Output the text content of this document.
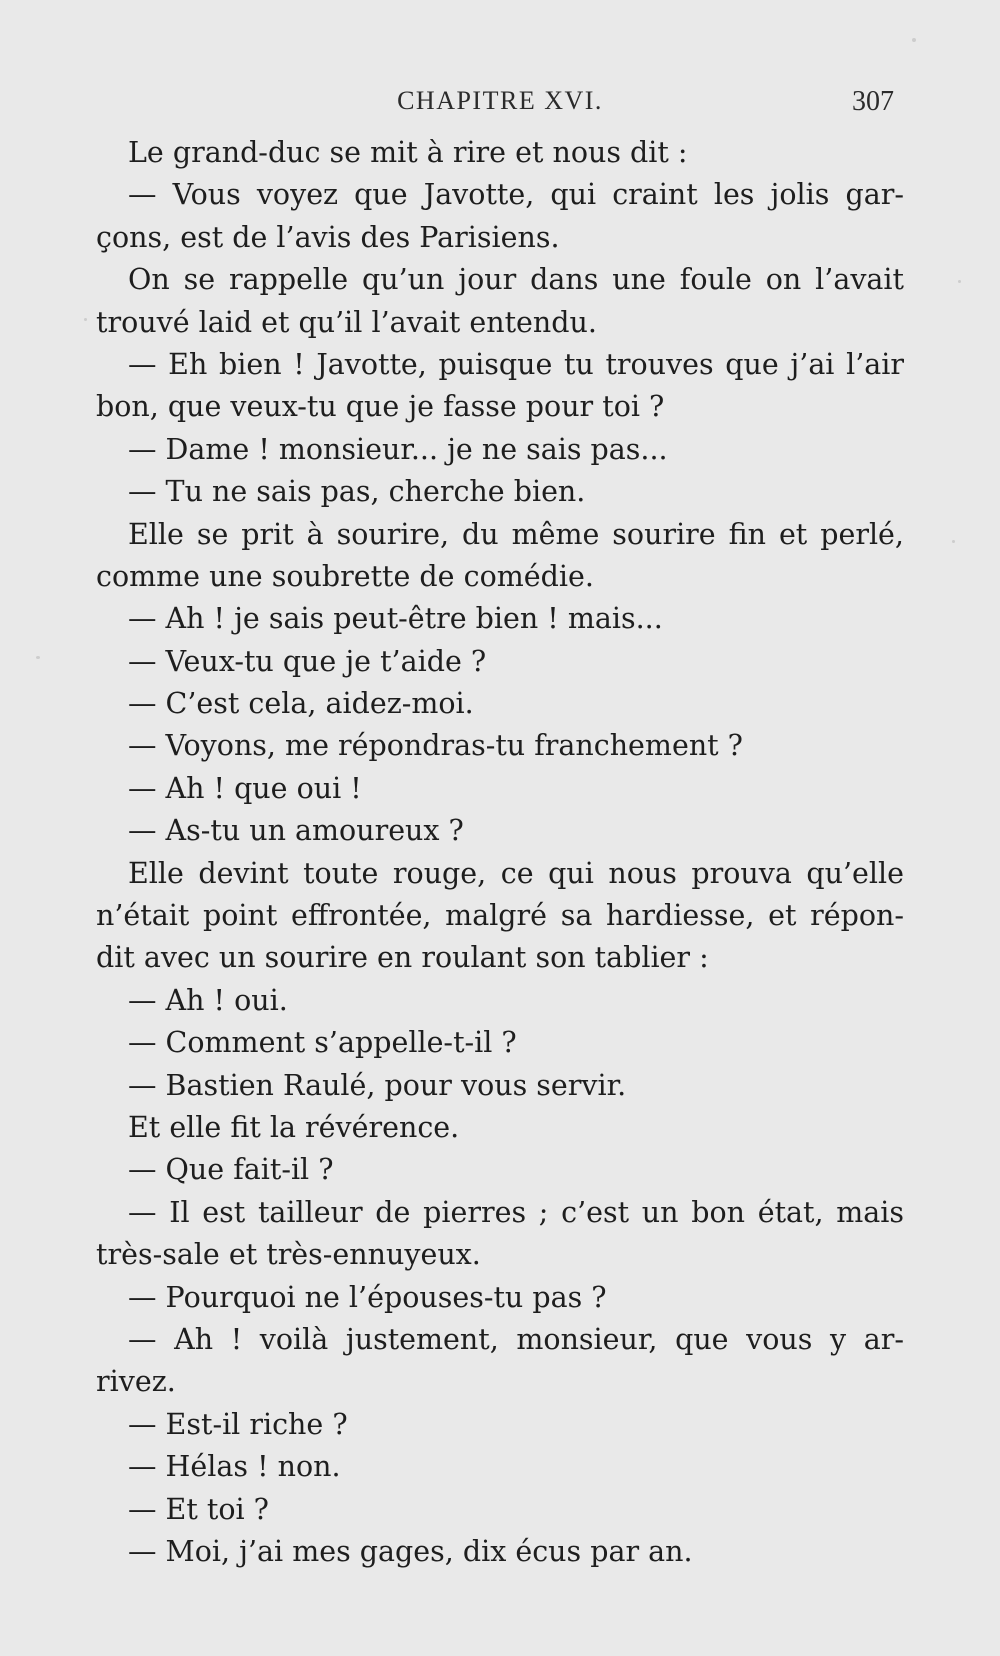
CHAPITRE XVI.	307
Le grand-duc se mit à rire et nous dit :
— Vous voyez que Javotte, qui craint les jolis gar-
çons, est de l’avis des Parisiens.
On se rappelle qu’un jour dans une foule on l’avait
trouvé laid et qu’il l’avait entendu.
— Eh bien ! Javotte, puisque tu trouves que j’ai l’air
bon, que veux-tu que je fasse pour toi ?
— Dame ! monsieur... je ne sais pas...
— Tu ne sais pas, cherche bien.
Elle se prit à sourire, du même sourire fin et perlé,
comme une soubrette de comédie.
— Ah ! je sais peut-être bien ! mais...
— Veux-tu que je t’aide ?
— C’est cela, aidez-moi.
— Voyons, me répondras-tu franchement ?
— Ah ! que oui !
— As-tu un amoureux ?
Elle devint toute rouge, ce qui nous prouva qu’elle
n’était point effrontée, malgré sa hardiesse, et répon-
dit avec un sourire en roulant son tablier :
— Ah ! oui.
— Comment s’appelle-t-il ?
— Bastien Raulé, pour vous servir.
Et elle fit la révérence.
— Que fait-il ?
— Il est tailleur de pierres ; c’est un bon état, mais
très-sale et très-ennuyeux.
— Pourquoi ne l’épouses-tu pas ?
— Ah ! voilà justement, monsieur, que vous y ar-
rivez.
— Est-il riche ?
— Hélas ! non.
— Et toi ?
— Moi, j’ai mes gages, dix écus par an.
